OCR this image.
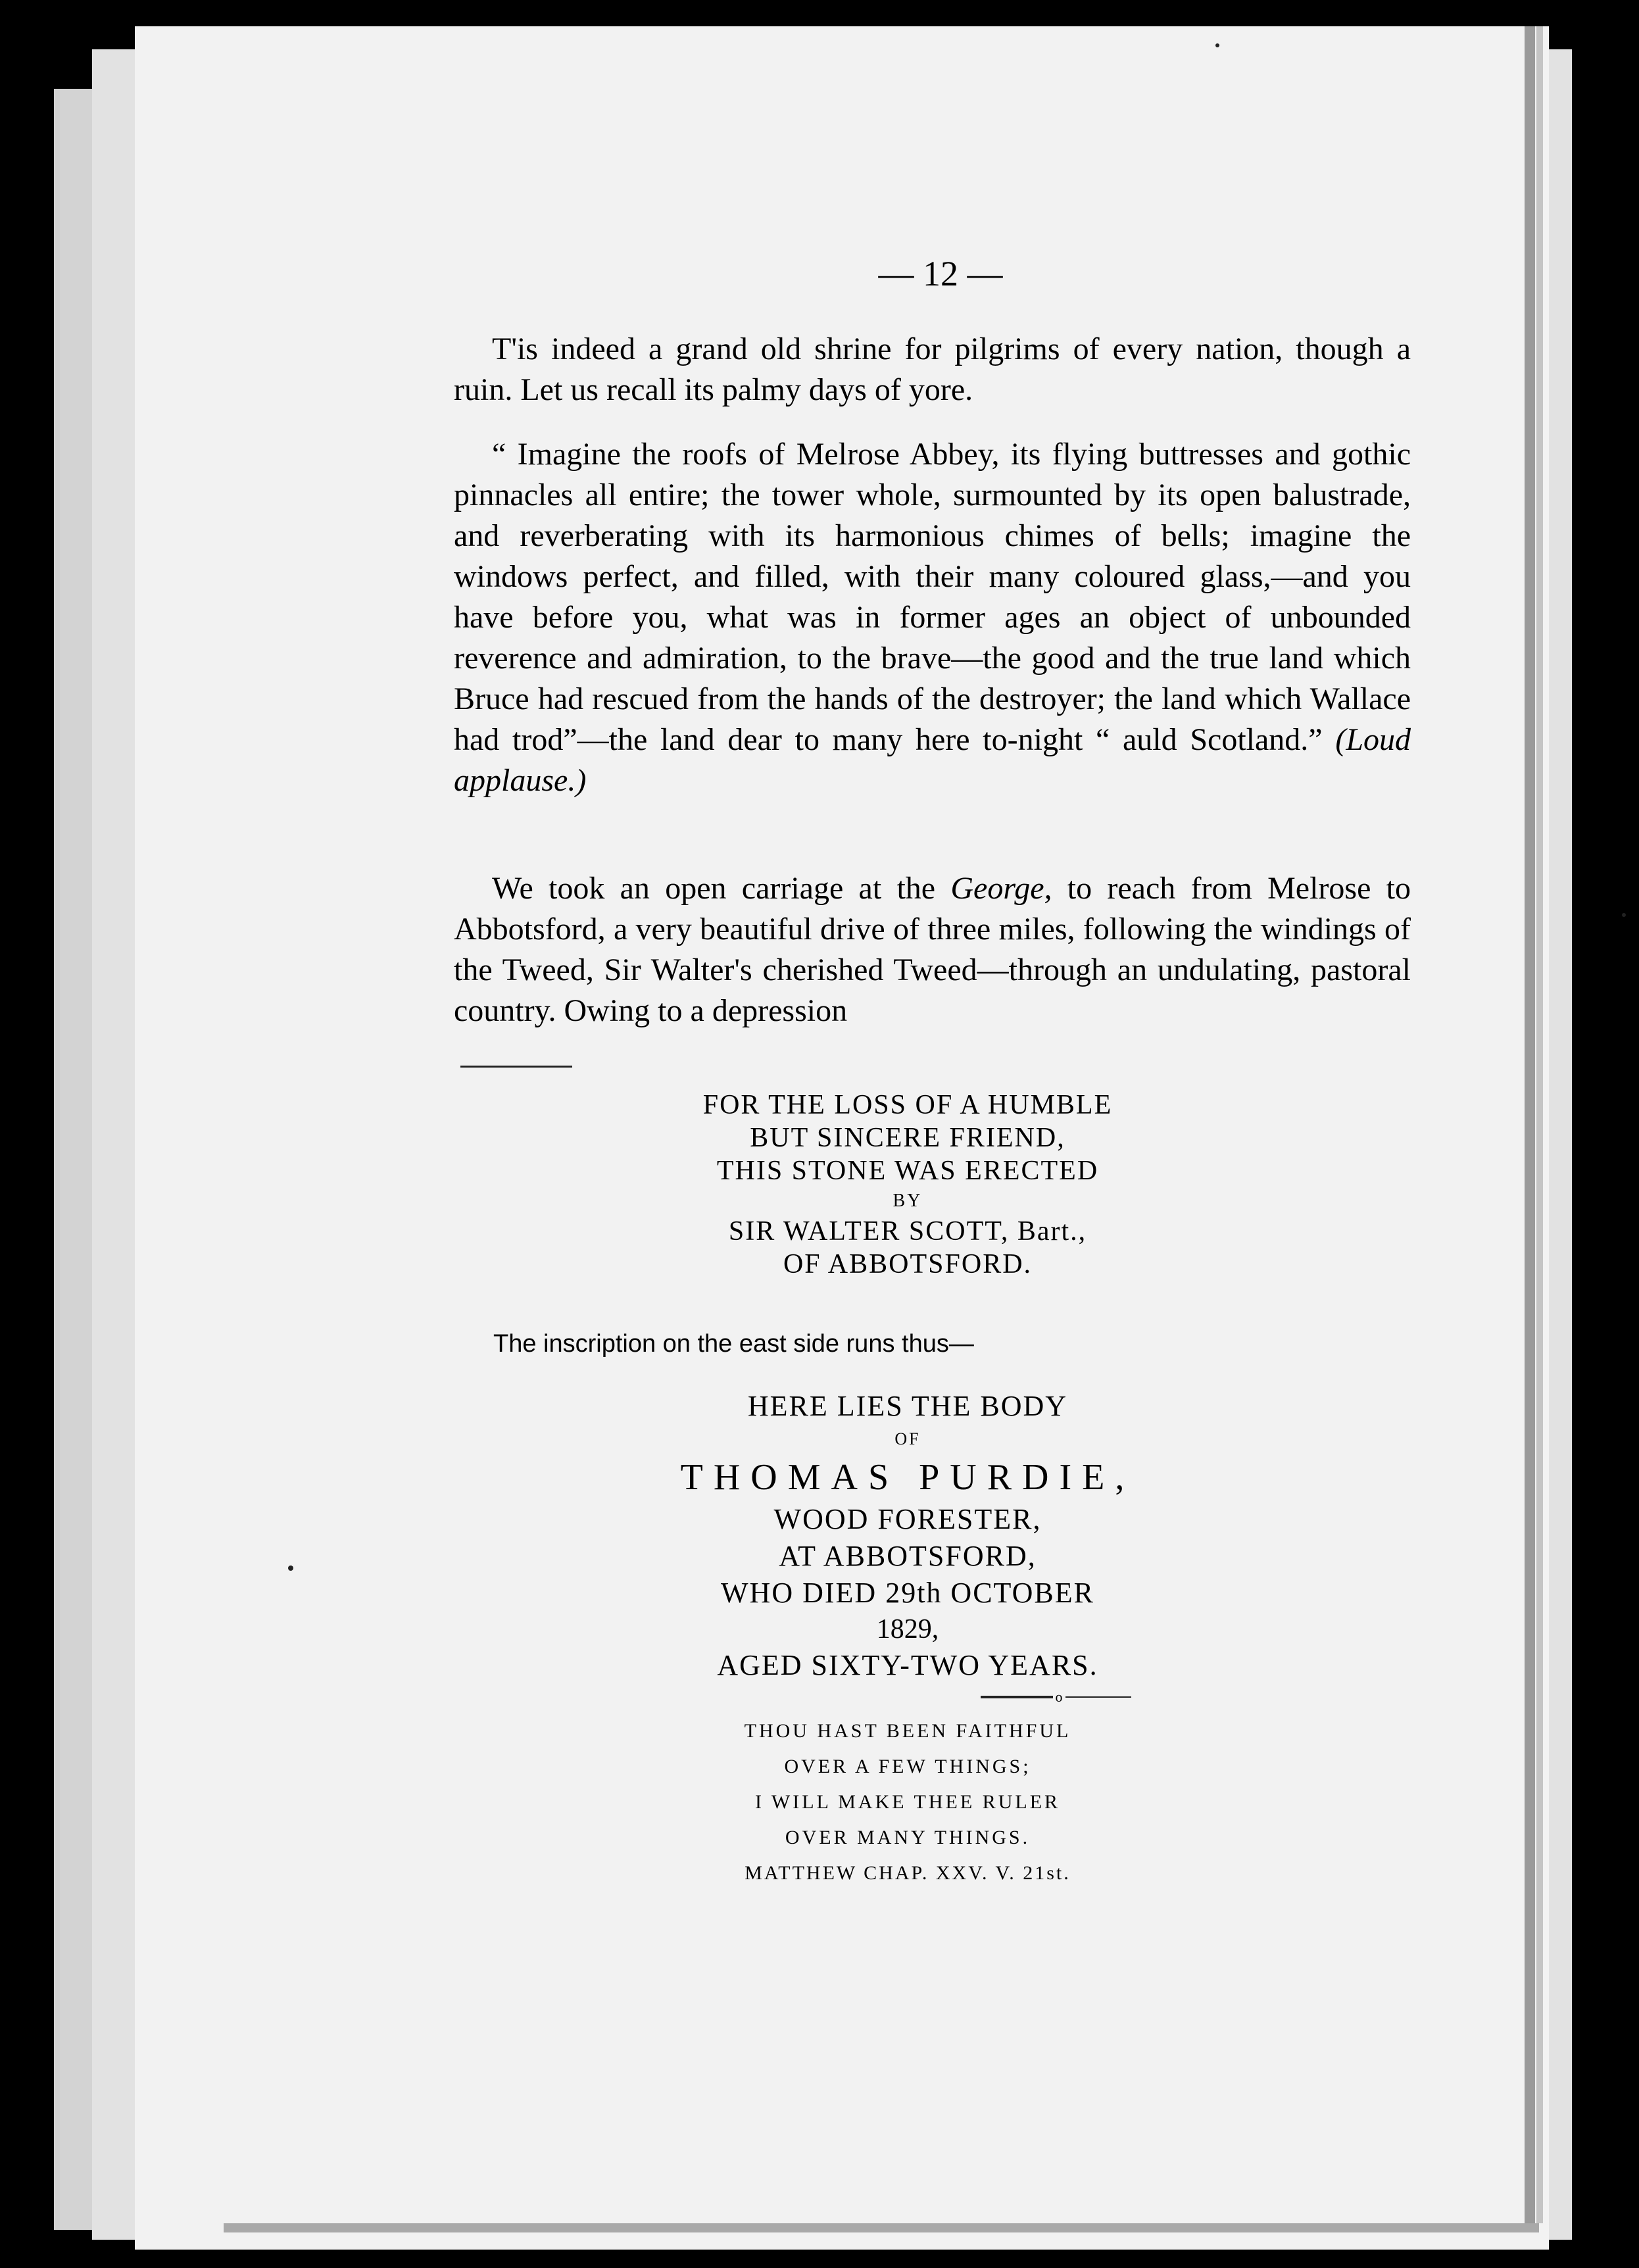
— 12 —

T'is indeed a grand old shrine for pilgrims of every nation, though a ruin. Let us recall its palmy days of yore.

“ Imagine the roofs of Melrose Abbey, its flying buttresses and gothic pinnacles all entire; the tower whole, surmounted by its open balustrade, and reverberating with its harmonious chimes of bells; imagine the windows perfect, and filled, with their many coloured glass,—and you have before you, what was in former ages an object of unbounded reverence and admiration, to the brave—the good and the true land which Bruce had rescued from the hands of the destroyer; the land which Wallace had trod”—the land dear to many here to-night “ auld Scotland.” (Loud applause.)

We took an open carriage at the George, to reach from Melrose to Abbotsford, a very beautiful drive of three miles, following the windings of the Tweed, Sir Walter's cherished Tweed—through an undulating, pastoral country. Owing to a depression

FOR THE LOSS OF A HUMBLE
BUT SINCERE FRIEND,
THIS STONE WAS ERECTED
BY
SIR WALTER SCOTT, Bart.,
OF ABBOTSFORD.

The inscription on the east side runs thus—

HERE LIES THE BODY
OF
THOMAS PURDIE,
WOOD FORESTER,
AT ABBOTSFORD,
WHO DIED 29th OCTOBER
1829,
AGED SIXTY-TWO YEARS.
o
THOU HAST BEEN FAITHFUL
OVER A FEW THINGS;
I WILL MAKE THEE RULER
OVER MANY THINGS.
MATTHEW CHAP. XXV. V. 21st.
